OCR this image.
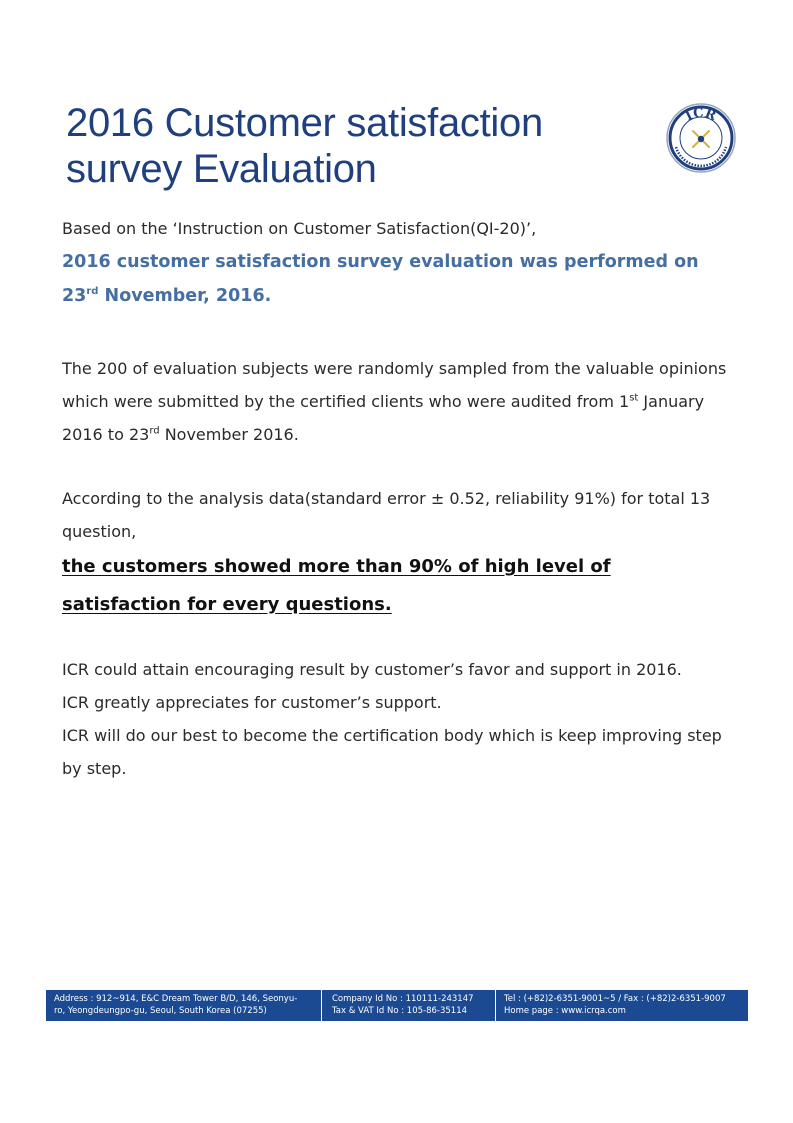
2016 Customer satisfaction
survey Evaluation
ICR

Based on the ‘Instruction on Customer Satisfaction(QI-20)’,
2016 customer satisfaction survey evaluation was performed on
23rd November, 2016.

The 200 of evaluation subjects were randomly sampled from the valuable opinions which were submitted by the certified clients who were audited from 1st January 2016 to 23rd November 2016.

According to the analysis data(standard error ± 0.52, reliability 91%) for total 13 question,
the customers showed more than 90% of high level of
satisfaction for every questions.

ICR could attain encouraging result by customer’s favor and support in 2016.
ICR greatly appreciates for customer’s support.
ICR will do our best to become the certification body which is keep improving step by step.

Address : 912~914, E&C Dream Tower B/D, 146, Seonyu-
ro, Yeongdeungpo-gu, Seoul, South Korea (07255)
Company Id No : 110111-243147
Tax & VAT Id No : 105-86-35114
Tel : (+82)2-6351-9001~5 / Fax : (+82)2-6351-9007
Home page : www.icrqa.com
